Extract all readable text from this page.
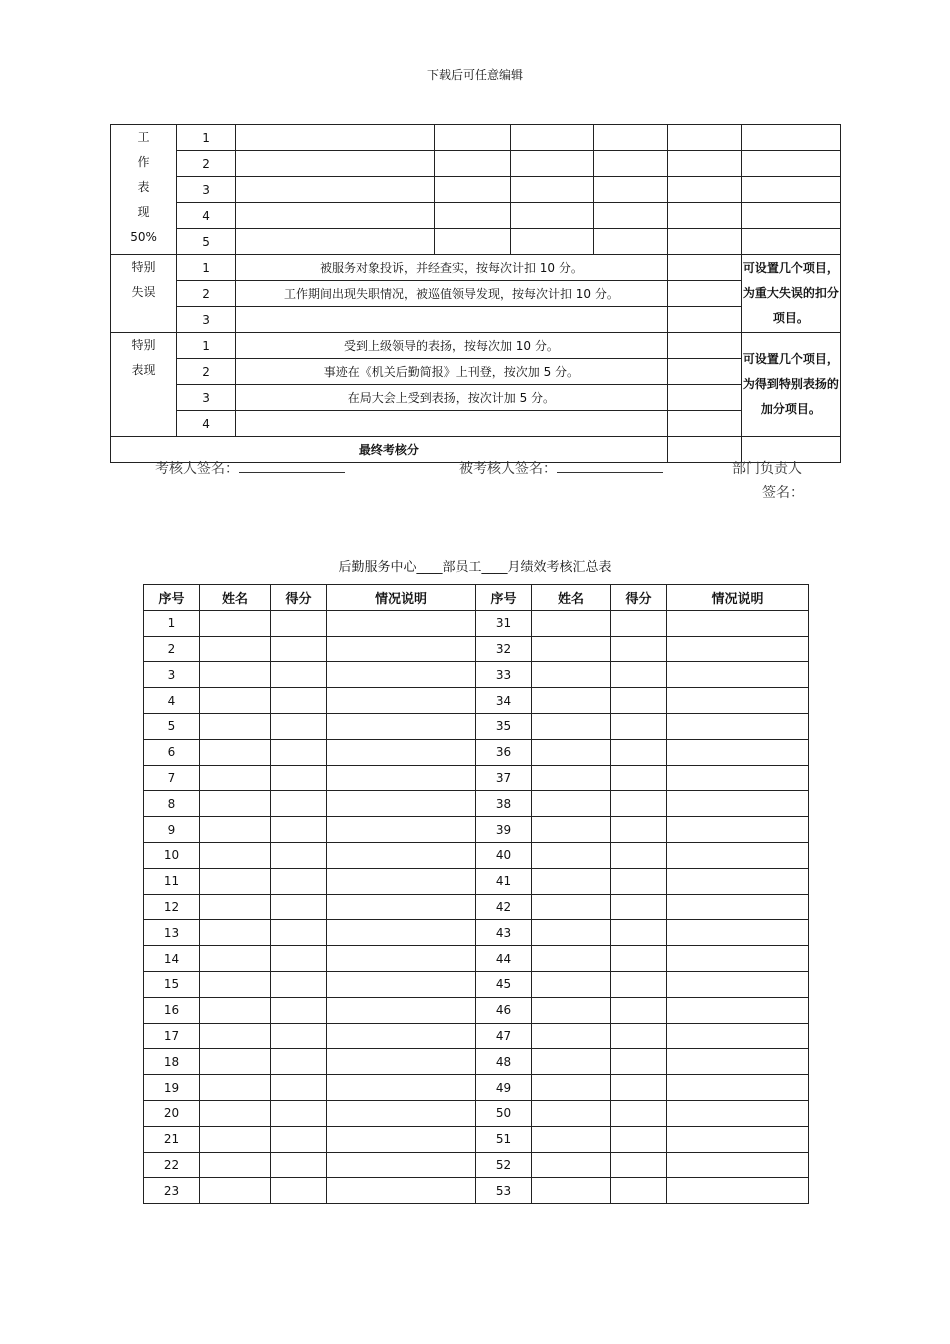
下载后可任意编辑
工
作
表
现
50%	1						
	2						
	3						
	4						
	5						

特别
失误	1	被服务对象投诉，并经查实，按每次计扣 10 分。					可设置几个项目，为重大失误的扣分项目。
	2	工作期间出现失职情况，被巡值领导发现，按每次计扣 10 分。					
	3						

特别
表现	1	受到上级领导的表扬，按每次加 10 分。					可设置几个项目，为得到特别表扬的加分项目。
	2	事迹在《机关后勤简报》上刊登，按次加 5 分。					
	3	在局大会上受到表扬，按次计加 5 分。					
	4						
最终考核分							
考核人签名：	被考核人签名：	部门负责人
签名：
后勤服务中心____部员工____月绩效考核汇总表
序号	姓名	得分	情况说明	序号	姓名	得分	情况说明
1				31			
2				32			
3				33			
4				34			
5				35			
6				36			
7				37			
8				38			
9				39			
10				40			
11				41			
12				42			
13				43			
14				44			
15				45			
16				46			
17				47			
18				48			
19				49			
20				50			
21				51			
22				52			
23				53			
